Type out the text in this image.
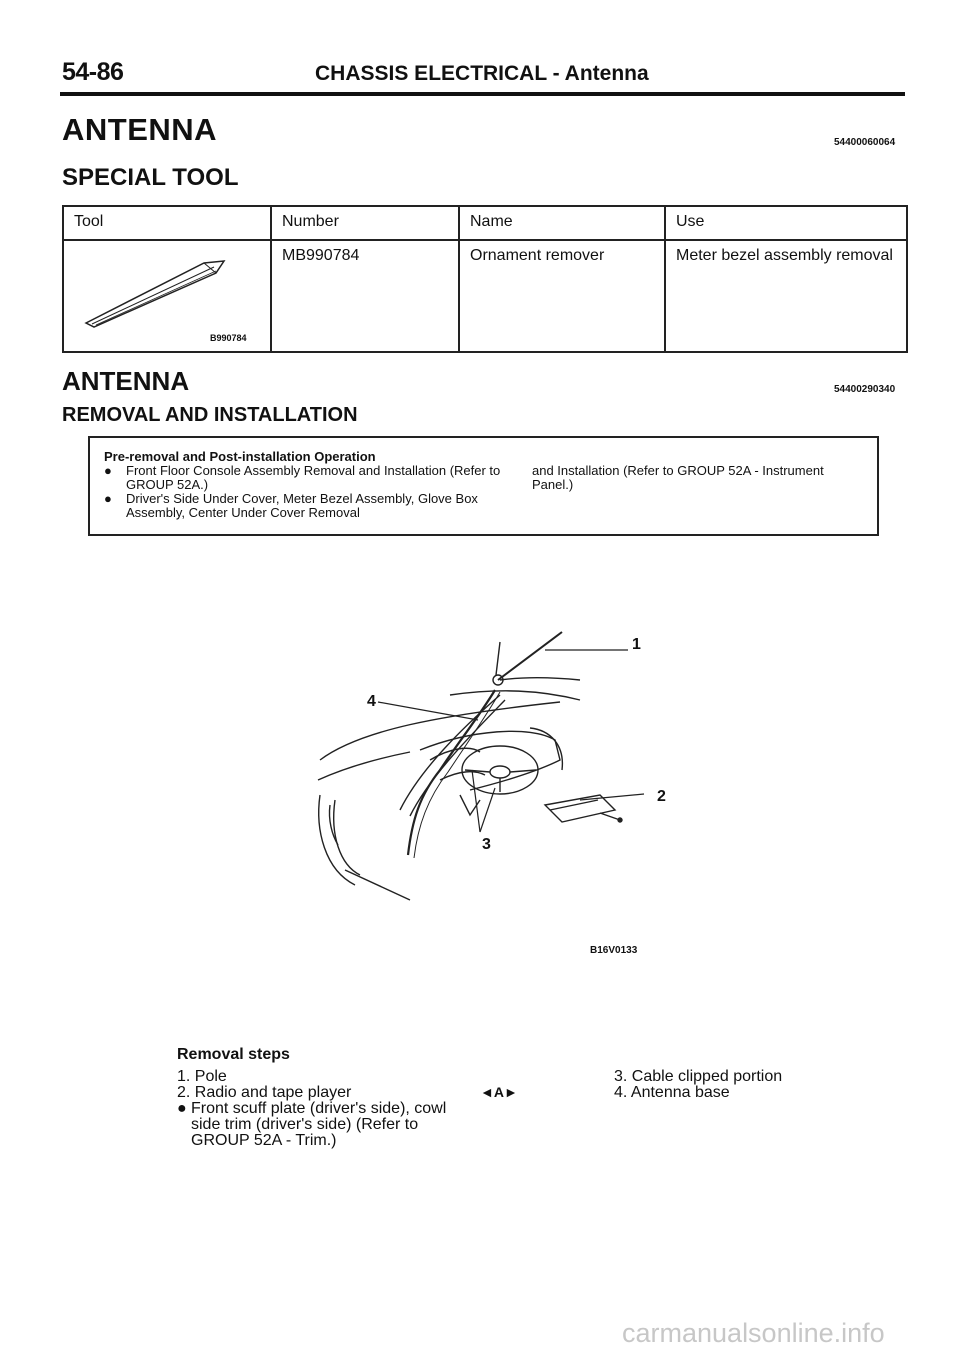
54-86	CHASSIS ELECTRICAL - Antenna
ANTENNA	54400060064
SPECIAL TOOL
Tool	Number	Name	Use

B990784	MB990784	Ornament remover	Meter bezel assembly removal
ANTENNA	54400290340
REMOVAL AND INSTALLATION
Pre-removal and Post-installation Operation
●	Front Floor Console Assembly Removal and Installation (Refer to GROUP 52A.)
●	Driver's Side Under Cover, Meter Bezel Assembly, Glove Box Assembly, Center Under Cover Removal
and Installation (Refer to GROUP 52A - Instrument Panel.)
1
2
3
4
B16V0133
Removal steps
1. Pole
2. Radio and tape player
● Front scuff plate (driver's side), cowl side trim (driver's side) (Refer to GROUP 52A - Trim.)
◄A►
3. Cable clipped portion
4. Antenna base
carmanualsonline.info
